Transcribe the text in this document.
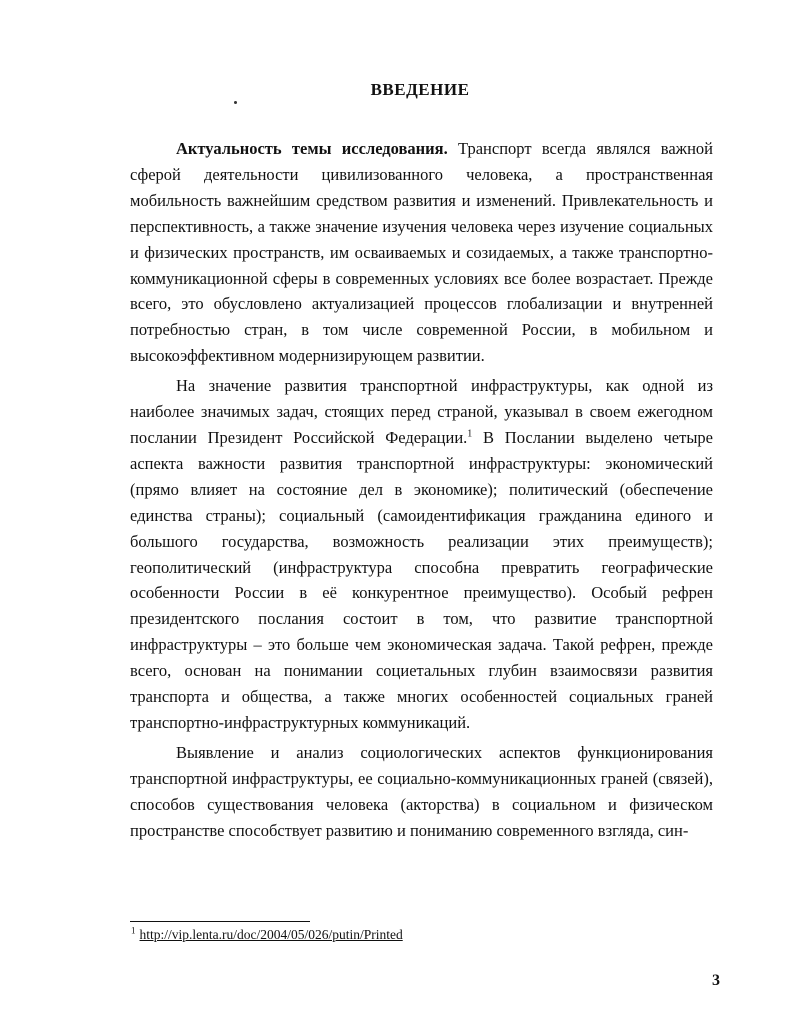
ВВЕДЕНИЕ

Актуальность темы исследования. Транспорт всегда являлся важной сферой деятельности цивилизованного человека, а пространственная мобильность важнейшим средством развития и изменений. Привлекательность и перспективность, а также значение изучения человека через изучение социальных и физических пространств, им осваиваемых и созидаемых, а также транспортно-коммуникационной сферы в современных условиях все более возрастает. Прежде всего, это обусловлено актуализацией процессов глобализации и внутренней потребностью стран, в том числе современной России, в мобильном и высокоэффективном модернизирующем развитии.

На значение развития транспортной инфраструктуры, как одной из наиболее значимых задач, стоящих перед страной, указывал в своем ежегодном послании Президент Российской Федерации.$^1$ В Послании выделено четыре аспекта важности развития транспортной инфраструктуры: экономический (прямо влияет на состояние дел в экономике); политический (обеспечение единства страны); социальный (самоидентификация гражданина единого и большого государства, возможность реализации этих преимуществ); геополитический (инфраструктура способна превратить географические особенности России в её конкурентное преимущество). Особый рефрен президентского послания состоит в том, что развитие транспортной инфраструктуры – это больше чем экономическая задача. Такой рефрен, прежде всего, основан на понимании социетальных глубин взаимосвязи развития транспорта и общества, а также многих особенностей социальных граней транспортно-инфраструктурных коммуникаций.

Выявление и анализ социологических аспектов функционирования транспортной инфраструктуры, ее социально-коммуникационных граней (связей), способов существования человека (акторства) в социальном и физическом пространстве способствует развитию и пониманию современного взгляда, син-

$^1$ http://vip.lenta.ru/doc/2004/05/026/putin/Printed
3
